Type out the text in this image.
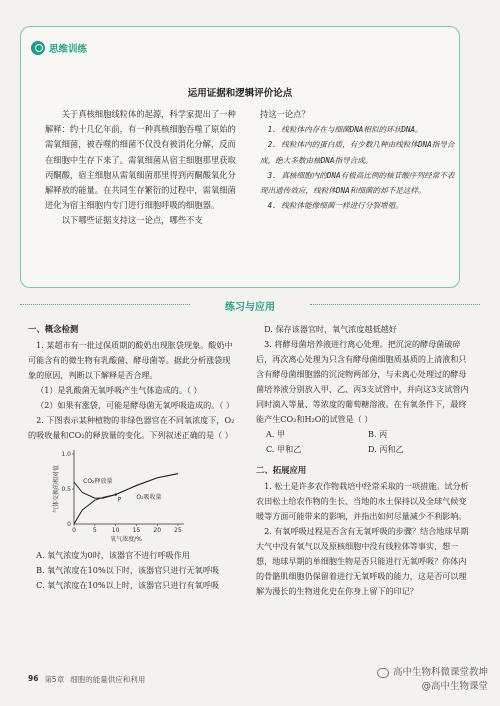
思维训练
运用证据和逻辑评价论点

关于真核细胞线粒体的起源，科学家提出了一种解释：约十几亿年前，有一种真核细胞吞噬了原始的需氧细菌，被吞噬的细菌不仅没有被消化分解，反而在细胞中生存下来了。需氧细菌从宿主细胞那里获取丙酮酸，宿主细胞从需氧细菌那里得到丙酮酸氧化分解释放的能量。在共同生存繁衍的过程中，需氧细菌进化为宿主细胞内专门进行细胞呼吸的细胞器。

以下哪些证据支持这一论点，哪些不支

持这一论点？

1. 线粒体内存在与细菌DNA相似的环状DNA。

2. 线粒体内的蛋白质，有少数几种由线粒体DNA指导合成，绝大多数由核DNA指导合成。

3. 真核细胞内的DNA有极高比例的核苷酸序列经常不表现出遗传效应，线粒体DNA和细菌的却不是这样。

4. 线粒体能像细菌一样进行分裂增殖。

练习与应用
一、概念检测

1. 某超市有一批过保质期的酸奶出现胀袋现象。酸奶中可能含有的微生物有乳酸菌、酵母菌等。据此分析涨袋现象的原因，判断以下解释是否合理。

（1）是乳酸菌无氧呼吸产生气体造成的。（ ）

（2）如果有涨袋，可能是酵母菌无氧呼吸造成的。（ ）

2. 下图表示某种植物的非绿色器官在不同氧浓度下，O₂的吸收量和CO₂的释放量的变化。下列叙述正确的是（ ）

0	5	10 15 20 25
0
0.5
1.0
氧气浓度/%
气体交换的相对值	CO₂释放量
O₂吸收量
P

A. 氧气浓度为0时，该器官不进行呼吸作用

B. 氧气浓度在10%以下时，该器官只进行无氧呼吸

C. 氧气浓度在10%以上时，该器官只进行有氧呼吸

D. 保存该器官时，氧气浓度越低越好

3. 将酵母菌培养液进行离心处理。把沉淀的酵母菌破碎后，再次离心处理为只含有酵母菌细胞质基质的上清液和只含有酵母菌细胞器的沉淀物两部分，与未离心处理过的酵母菌培养液分别放入甲、乙、丙3支试管中，并向这3支试管内同时滴入等量、等浓度的葡萄糖溶液。在有氧条件下，最终能产生CO₂和H₂O的试管是（ ）

A. 甲	B. 丙
C. 甲和乙	D. 丙和乙
二、拓展应用

1. 松土是许多农作物栽培中经常采取的一项措施。试分析农田松土给农作物的生长、当地的水土保持以及全球气候变暖等方面可能带来的影响，并指出如何尽量减少不利影响。

2. 有氧呼吸过程是否含有无氧呼吸的步骤？结合地球早期大气中没有氧气以及原核细胞中没有线粒体等事实，想一想，地球早期的单细胞生物是否只能进行无氧呼吸？你体内的骨骼肌细胞仍保留着进行无氧呼吸的能力，这是否可以理解为漫长的生物进化史在你身上留下的印记？

96 第5章 细胞的能量供应和利用
高中生物科微课堂教坤
@高中生物课堂
